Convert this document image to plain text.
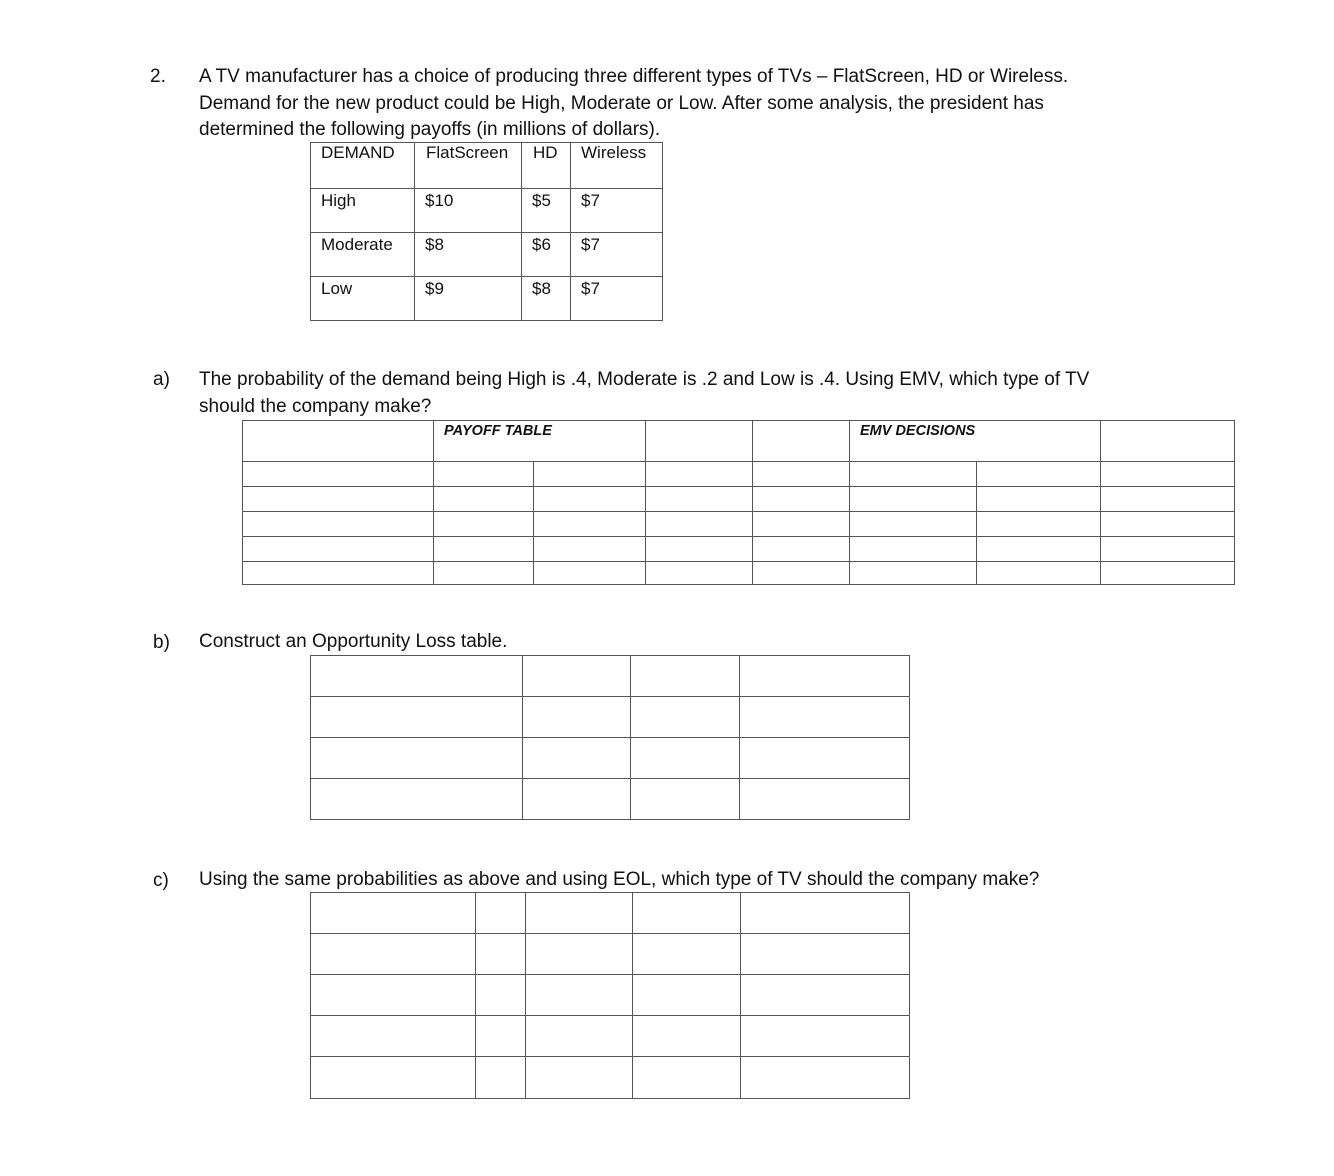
2. A TV manufacturer has a choice of producing three different types of TVs – FlatScreen, HD or Wireless.
Demand for the new product could be High, Moderate or Low. After some analysis, the president has
determined the following payoffs (in millions of dollars).
DEMAND	FlatScreen	HD	Wireless
High	$10	$5	$7
Moderate	$8	$6	$7
Low	$9	$8	$7
a) The probability of the demand being High is .4, Moderate is .2 and Low is .4. Using EMV, which type of TV
should the company make?
	PAYOFF TABLE				EMV DECISIONS		

b) Construct an Opportunity Loss table.

c) Using the same probabilities as above and using EOL, which type of TV should the company make?
